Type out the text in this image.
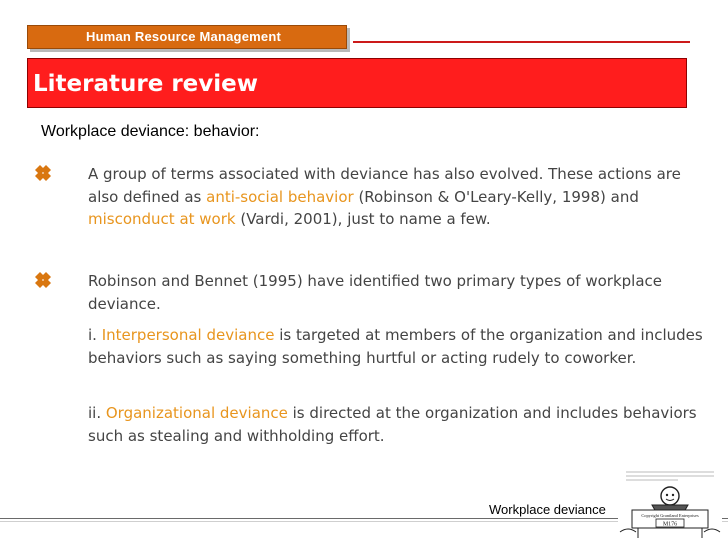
Human Resource Management
Literature review
Workplace deviance: behavior:
A group of terms associated with deviance has also evolved. These actions are also defined as anti-social behavior (Robinson & O'Leary-Kelly, 1998) and misconduct at work (Vardi, 2001), just to name a few.
Robinson and Bennet (1995) have identified two primary types of workplace deviance.
i. Interpersonal deviance is targeted at members of the organization and includes behaviors such as saying something hurtful or acting rudely to coworker.
ii. Organizational deviance is directed at the organization and includes behaviors such as stealing and withholding effort.
Workplace deviance	Copyright Grantland Enterprises
M176
